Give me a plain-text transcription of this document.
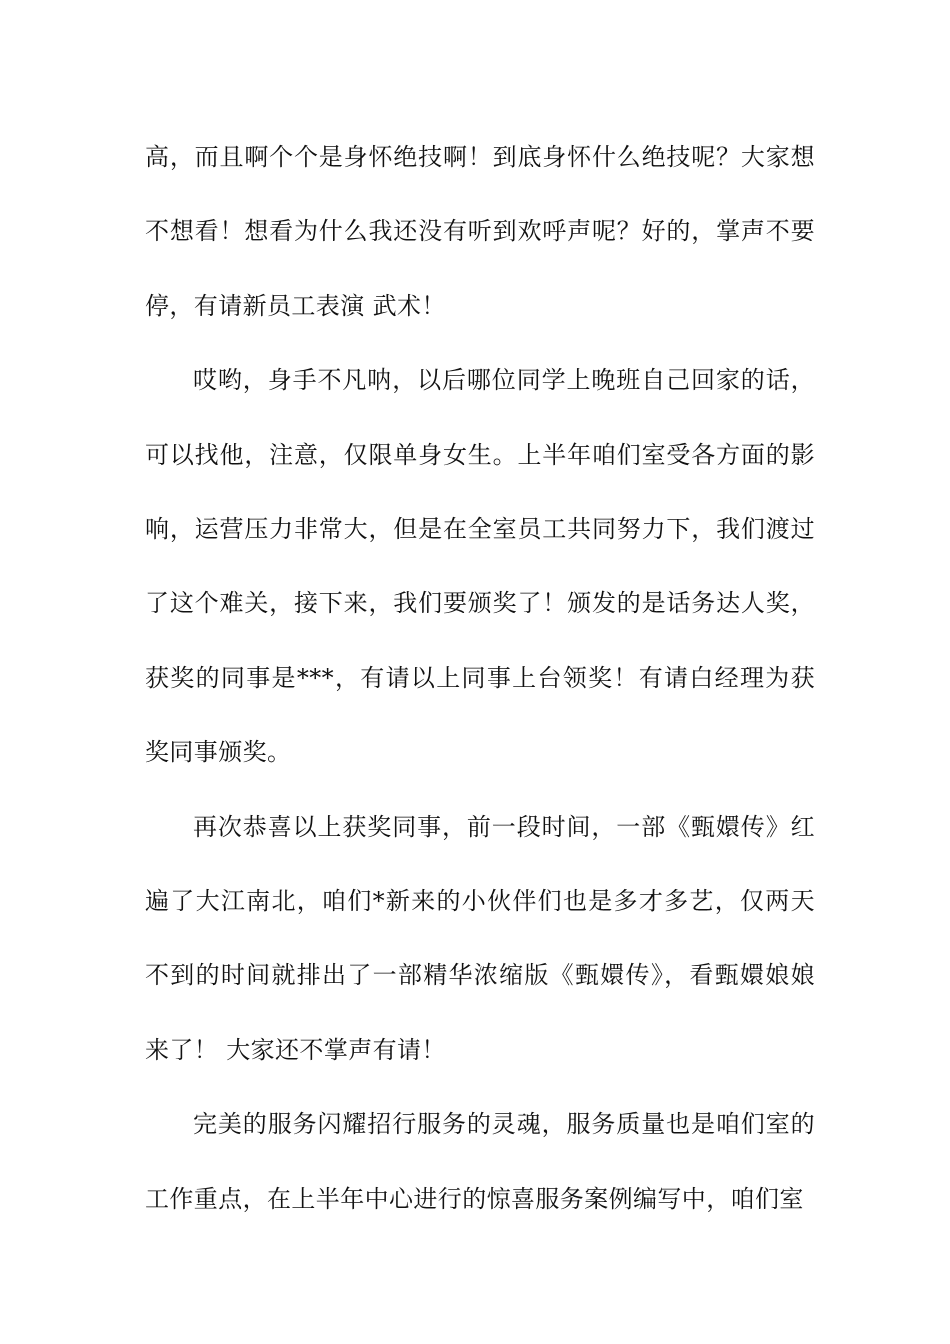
高，而且啊个个是身怀绝技啊！到底身怀什么绝技呢？大家想不想看！想看为什么我还没有听到欢呼声呢？好的，掌声不要停，有请新员工表演 武术！

哎哟，身手不凡呐，以后哪位同学上晚班自己回家的话，可以找他，注意，仅限单身女生。上半年咱们室受各方面的影响，运营压力非常大，但是在全室员工共同努力下，我们渡过了这个难关，接下来，我们要颁奖了！颁发的是话务达人奖，获奖的同事是***，有请以上同事上台领奖！有请白经理为获奖同事颁奖。

再次恭喜以上获奖同事，前一段时间，一部《甄嬛传》红遍了大江南北，咱们*新来的小伙伴们也是多才多艺，仅两天不到的时间就排出了一部精华浓缩版《甄嬛传》，看甄嬛娘娘来了！ 大家还不掌声有请！

完美的服务闪耀招行服务的灵魂，服务质量也是咱们室的工作重点，在上半年中心进行的惊喜服务案例编写中，咱们室
